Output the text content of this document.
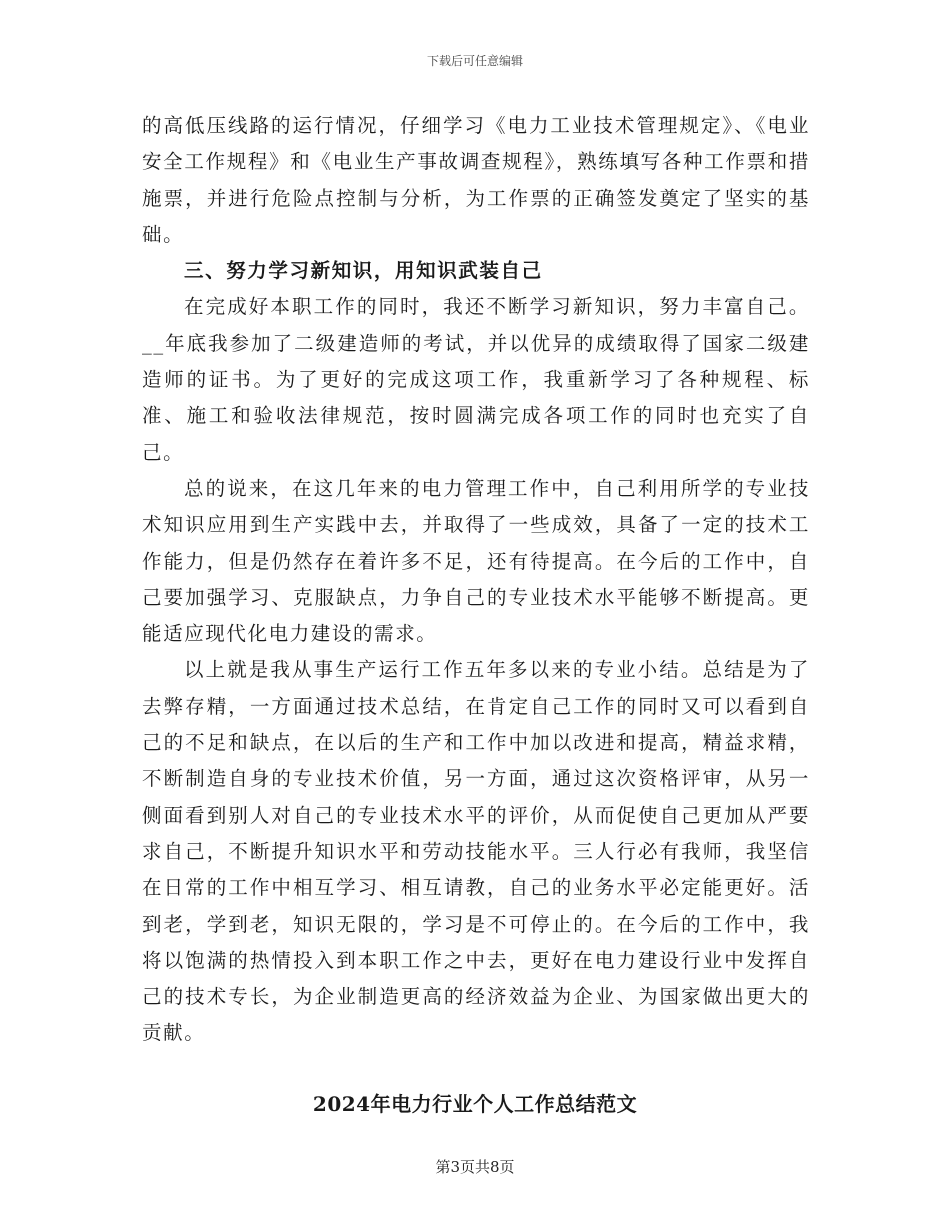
下载后可任意编辑

的高低压线路的运行情况，仔细学习《电力工业技术管理规定》、《电业安全工作规程》和《电业生产事故调查规程》，熟练填写各种工作票和措施票，并进行危险点控制与分析，为工作票的正确签发奠定了坚实的基础。

三、努力学习新知识，用知识武装自己

在完成好本职工作的同时，我还不断学习新知识，努力丰富自己。__年底我参加了二级建造师的考试，并以优异的成绩取得了国家二级建造师的证书。为了更好的完成这项工作，我重新学习了各种规程、标准、施工和验收法律规范，按时圆满完成各项工作的同时也充实了自己。

总的说来，在这几年来的电力管理工作中，自己利用所学的专业技术知识应用到生产实践中去，并取得了一些成效，具备了一定的技术工作能力，但是仍然存在着许多不足，还有待提高。在今后的工作中，自己要加强学习、克服缺点，力争自己的专业技术水平能够不断提高。更能适应现代化电力建设的需求。

以上就是我从事生产运行工作五年多以来的专业小结。总结是为了去弊存精，一方面通过技术总结，在肯定自己工作的同时又可以看到自己的不足和缺点，在以后的生产和工作中加以改进和提高，精益求精，不断制造自身的专业技术价值，另一方面，通过这次资格评审，从另一侧面看到别人对自己的专业技术水平的评价，从而促使自己更加从严要求自己，不断提升知识水平和劳动技能水平。三人行必有我师，我坚信在日常的工作中相互学习、相互请教，自己的业务水平必定能更好。活到老，学到老，知识无限的，学习是不可停止的。在今后的工作中，我将以饱满的热情投入到本职工作之中去，更好在电力建设行业中发挥自己的技术专长，为企业制造更高的经济效益为企业、为国家做出更大的贡献。

2024年电力行业个人工作总结范文
第3页共8页
